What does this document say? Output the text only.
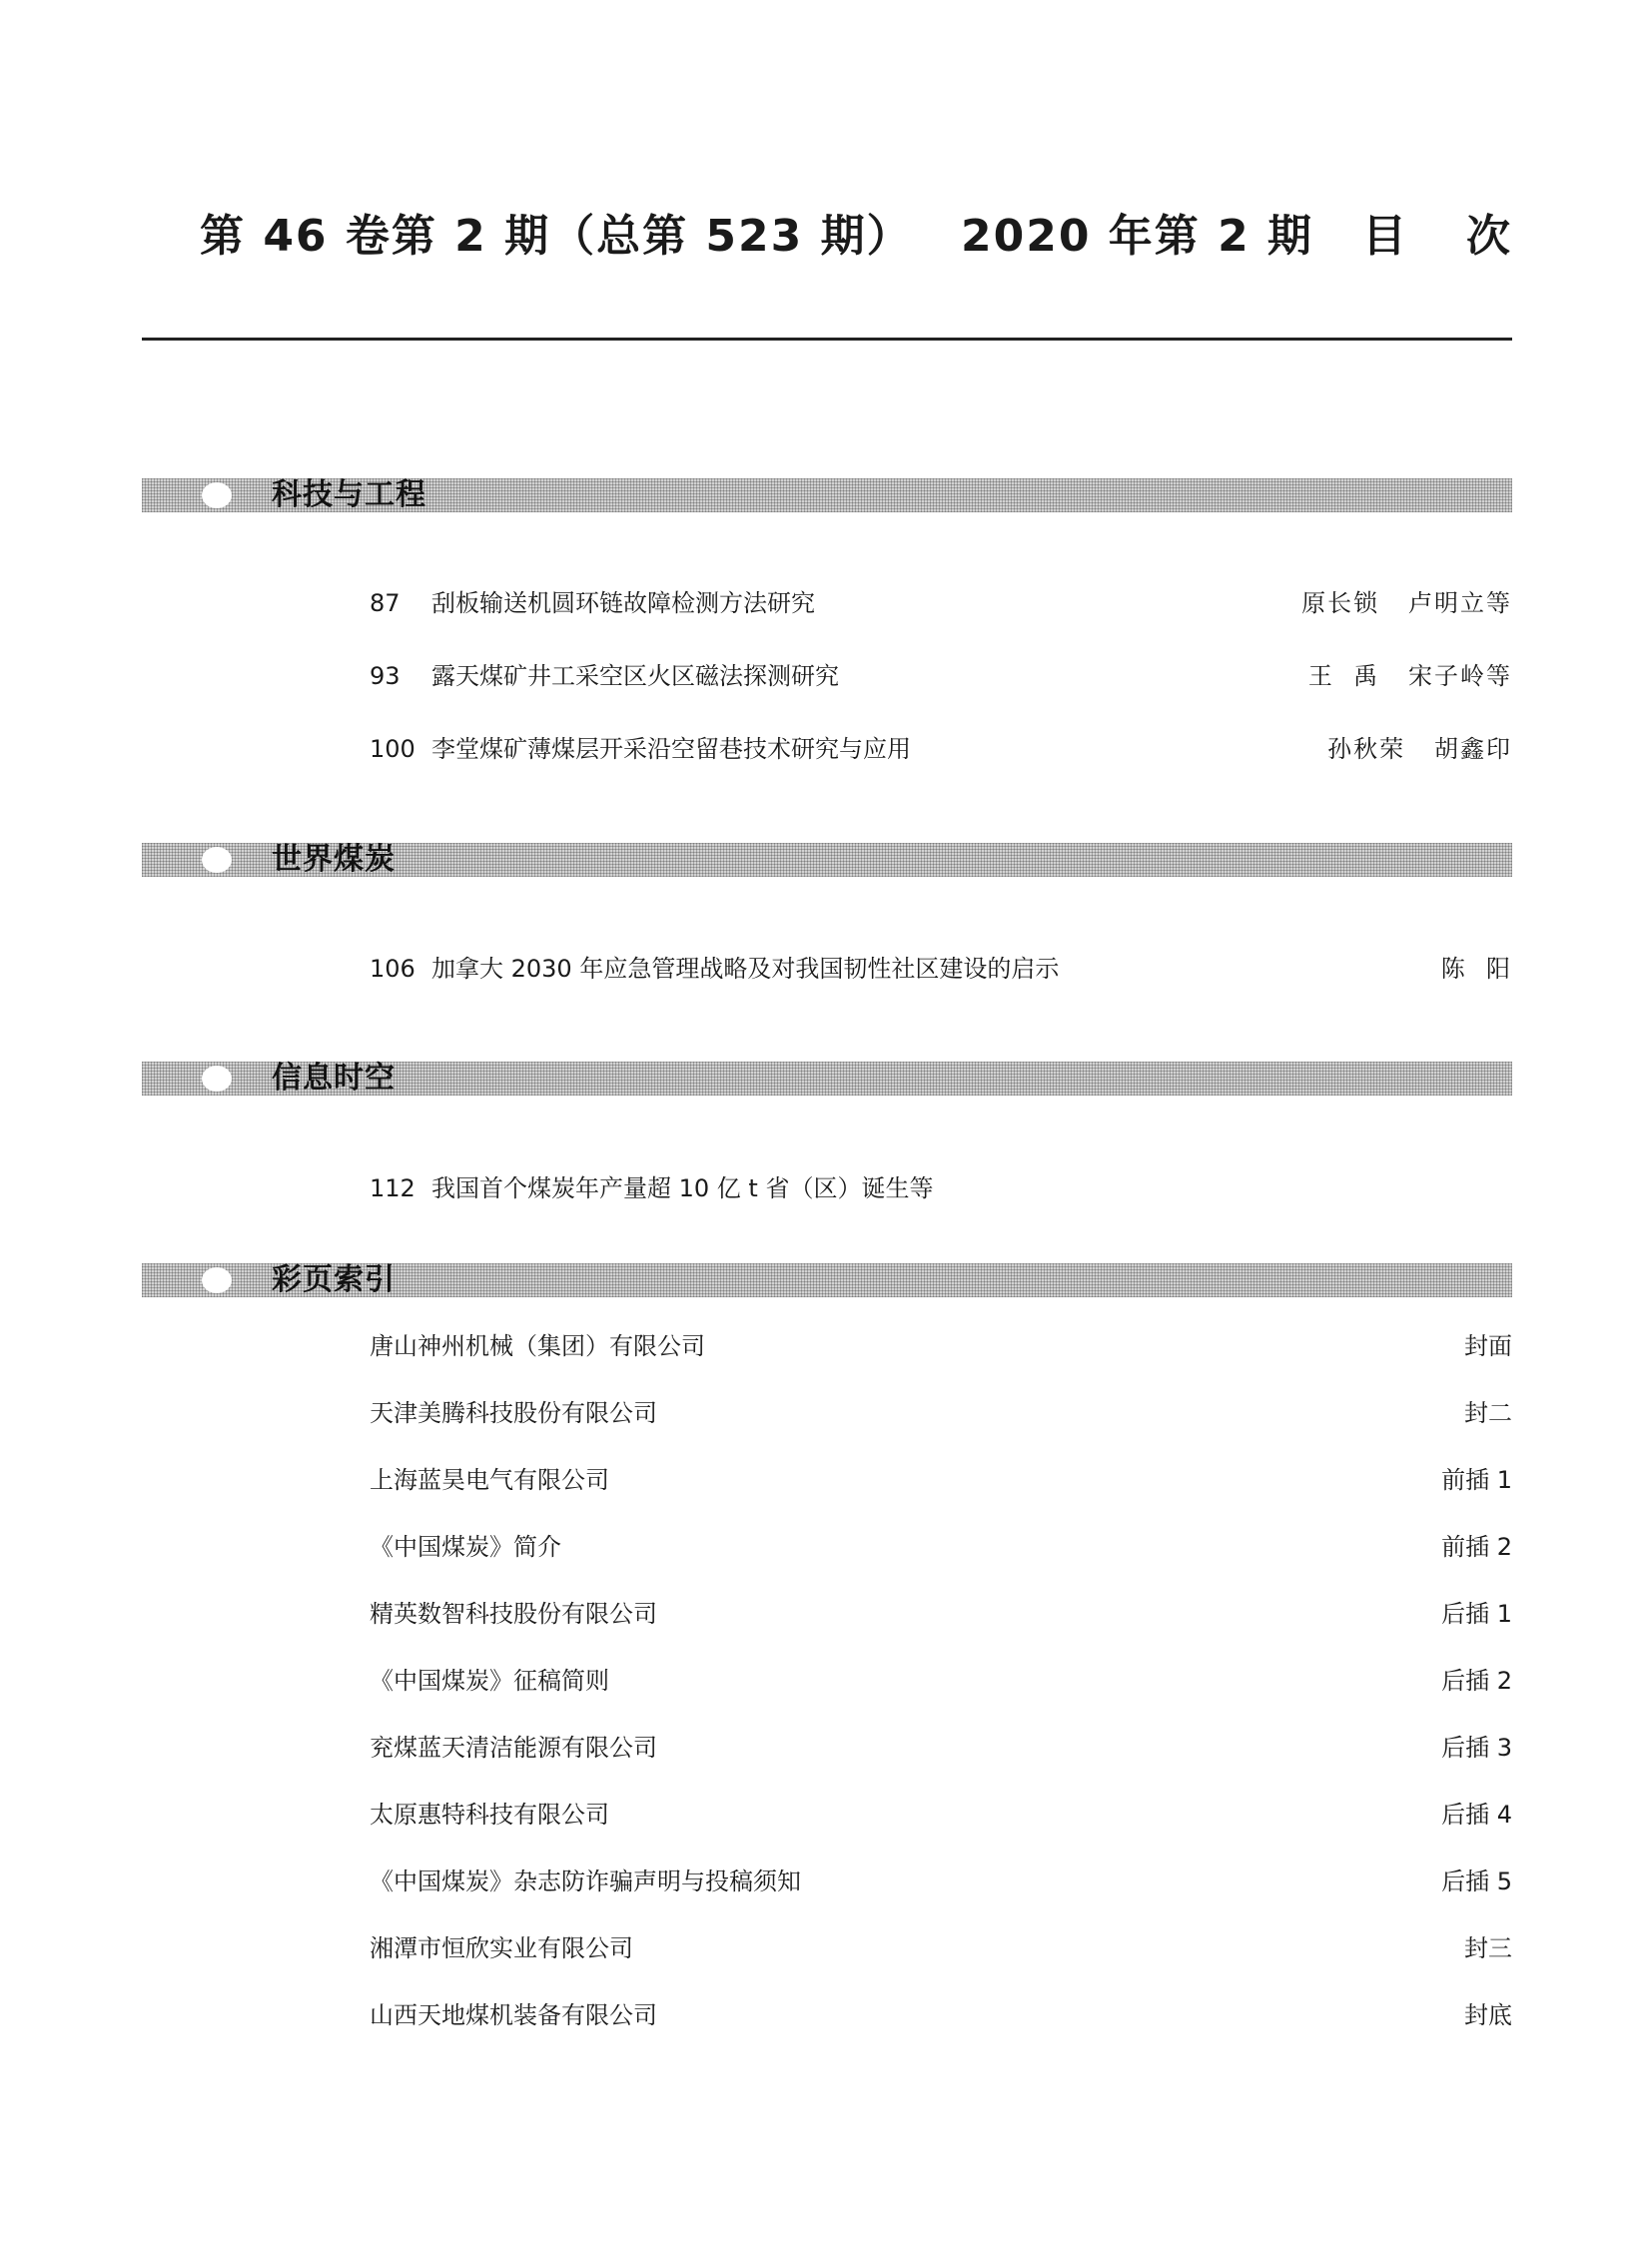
第 46 卷第 2 期（总第 523 期） 2020 年第 2 期 目次
科技与工程
87 刮板输送机圆环链故障检测方法研究	原长锁   卢明立等
93 露天煤矿井工采空区火区磁法探测研究	王  禹   宋子岭等
100 李堂煤矿薄煤层开采沿空留巷技术研究与应用	孙秋荣   胡鑫印
世界煤炭
106 加拿大 2030 年应急管理战略及对我国韧性社区建设的启示	陈  阳
信息时空
112 我国首个煤炭年产量超 10 亿 t 省（区）诞生等
彩页索引
唐山神州机械（集团）有限公司	封面
天津美腾科技股份有限公司	封二
上海蓝昊电气有限公司	前插 1
《中国煤炭》简介	前插 2
精英数智科技股份有限公司	后插 1
《中国煤炭》征稿简则	后插 2
兖煤蓝天清洁能源有限公司	后插 3
太原惠特科技有限公司	后插 4
《中国煤炭》杂志防诈骗声明与投稿须知	后插 5
湘潭市恒欣实业有限公司	封三
山西天地煤机装备有限公司	封底
